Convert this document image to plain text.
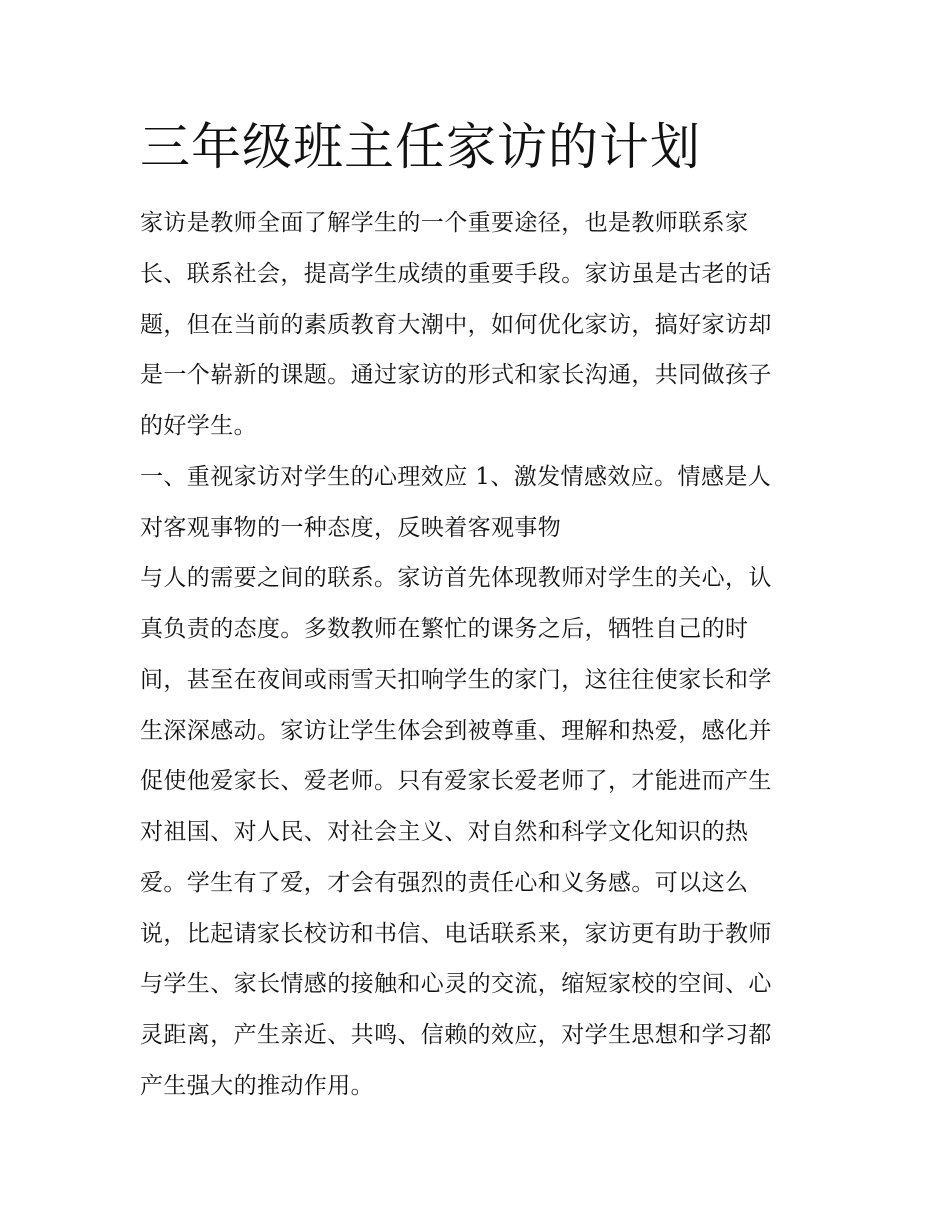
三年级班主任家访的计划

家访是教师全面了解学生的一个重要途径，也是教师联系家

长、联系社会，提高学生成绩的重要手段。家访虽是古老的话

题，但在当前的素质教育大潮中，如何优化家访，搞好家访却

是一个崭新的课题。通过家访的形式和家长沟通，共同做孩子

的好学生。

一、重视家访对学生的心理效应 1、激发情感效应。情感是人

对客观事物的一种态度，反映着客观事物

与人的需要之间的联系。家访首先体现教师对学生的关心，认

真负责的态度。多数教师在繁忙的课务之后，牺牲自己的时

间，甚至在夜间或雨雪天扣响学生的家门，这往往使家长和学

生深深感动。家访让学生体会到被尊重、理解和热爱，感化并

促使他爱家长、爱老师。只有爱家长爱老师了，才能进而产生

对祖国、对人民、对社会主义、对自然和科学文化知识的热

爱。学生有了爱，才会有强烈的责任心和义务感。可以这么

说，比起请家长校访和书信、电话联系来，家访更有助于教师

与学生、家长情感的接触和心灵的交流，缩短家校的空间、心

灵距离，产生亲近、共鸣、信赖的效应，对学生思想和学习都

产生强大的推动作用。
